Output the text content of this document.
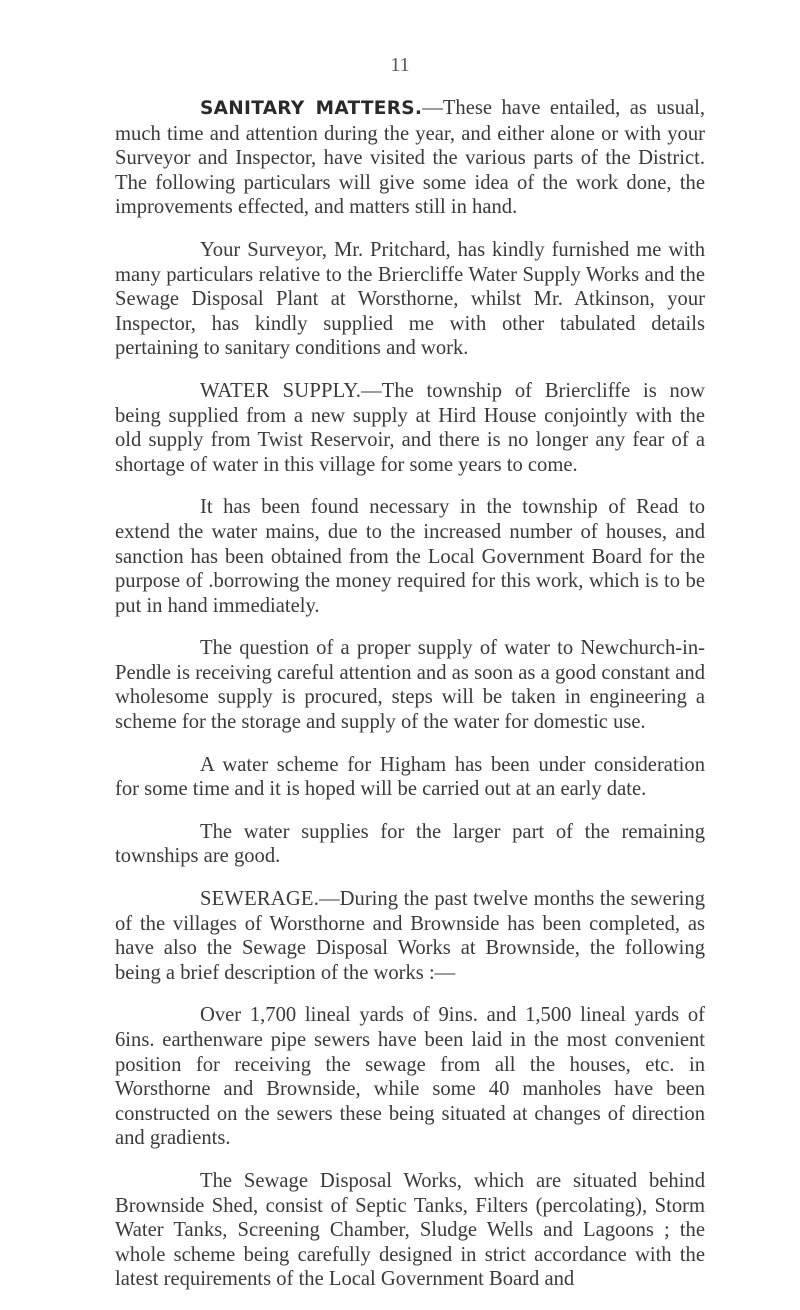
11

SANITARY MATTERS.—These have entailed, as usual, much time and attention during the year, and either alone or with your Surveyor and Inspector, have visited the various parts of the District. The following particulars will give some idea of the work done, the improvements effected, and matters still in hand.

Your Surveyor, Mr. Pritchard, has kindly furnished me with many particulars relative to the Briercliffe Water Supply Works and the Sewage Disposal Plant at Worsthorne, whilst Mr. Atkinson, your Inspector, has kindly supplied me with other tabulated details pertaining to sanitary conditions and work.

WATER SUPPLY.—The township of Briercliffe is now being supplied from a new supply at Hird House conjointly with the old supply from Twist Reservoir, and there is no longer any fear of a shortage of water in this village for some years to come.

It has been found necessary in the township of Read to extend the water mains, due to the increased number of houses, and sanction has been obtained from the Local Government Board for the purpose of .borrowing the money required for this work, which is to be put in hand immediately.

The question of a proper supply of water to Newchurch-in-Pendle is receiving careful attention and as soon as a good constant and wholesome supply is procured, steps will be taken in engineering a scheme for the storage and supply of the water for domestic use.

A water scheme for Higham has been under consideration for some time and it is hoped will be carried out at an early date.

The water supplies for the larger part of the remaining townships are good.

SEWERAGE.—During the past twelve months the sewering of the villages of Worsthorne and Brownside has been completed, as have also the Sewage Disposal Works at Brownside, the following being a brief description of the works :—

Over 1,700 lineal yards of 9ins. and 1,500 lineal yards of 6ins. earthenware pipe sewers have been laid in the most convenient position for receiving the sewage from all the houses, etc. in Worsthorne and Brownside, while some 40 manholes have been constructed on the sewers these being situated at changes of direction and gradients.

The Sewage Disposal Works, which are situated behind Brownside Shed, consist of Septic Tanks, Filters (percolating), Storm Water Tanks, Screening Chamber, Sludge Wells and Lagoons ; the whole scheme being carefully designed in strict accordance with the latest requirements of the Local Government Board and
